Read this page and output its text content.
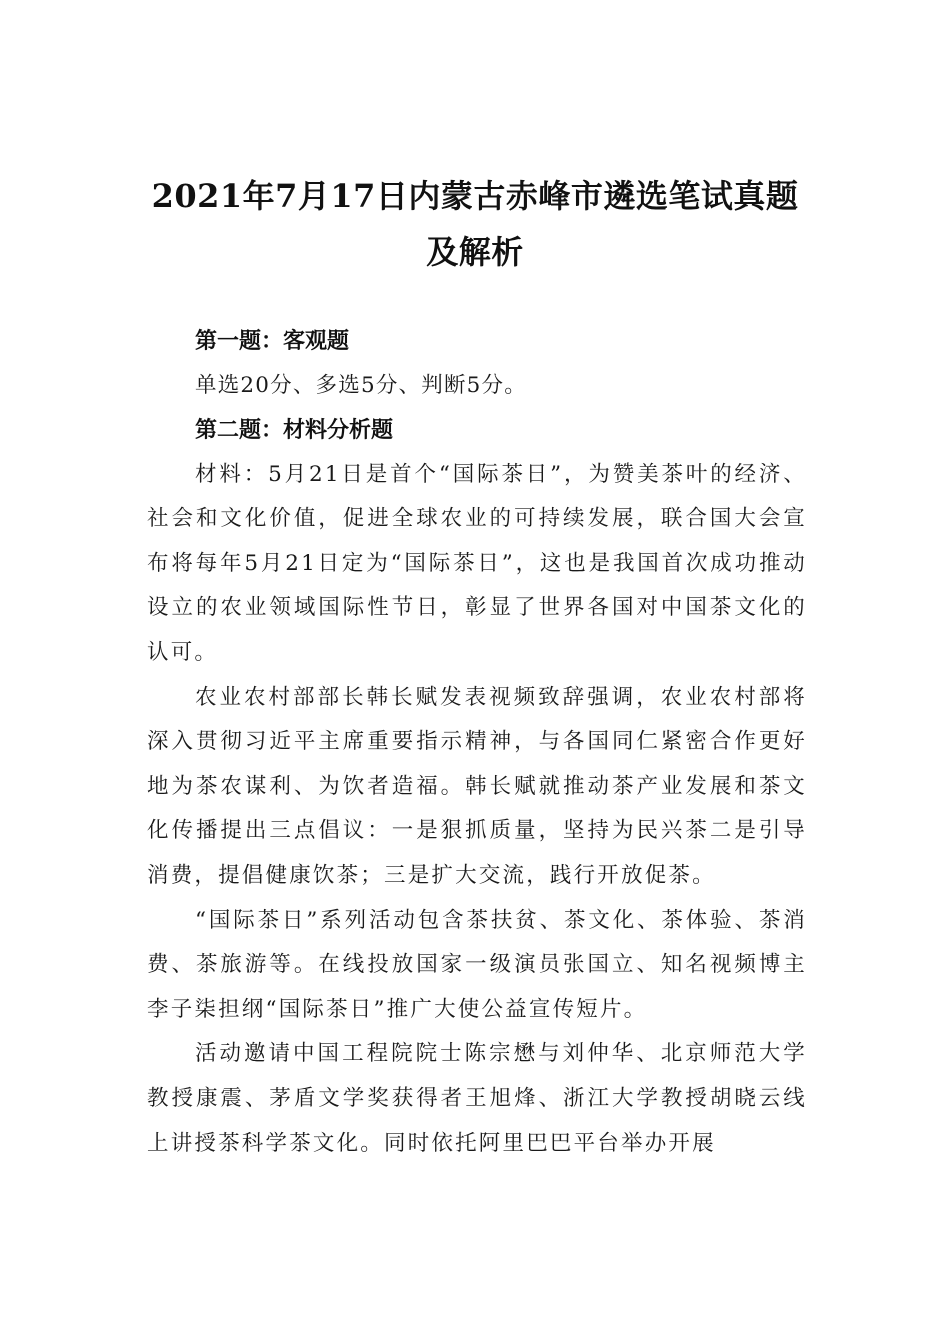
2021年7月17日内蒙古赤峰市遴选笔试真题及解析
第一题：客观题

单选20分、多选5分、判断5分。

第二题：材料分析题

材料：5月21日是首个“国际茶日”，为赞美茶叶的经济、社会和文化价值，促进全球农业的可持续发展，联合国大会宣布将每年5月21日定为“国际茶日”，这也是我国首次成功推动设立的农业领域国际性节日，彰显了世界各国对中国茶文化的认可。

农业农村部部长韩长赋发表视频致辞强调，农业农村部将深入贯彻习近平主席重要指示精神，与各国同仁紧密合作更好地为茶农谋利、为饮者造福。韩长赋就推动茶产业发展和茶文化传播提出三点倡议：一是狠抓质量，坚持为民兴茶二是引导消费，提倡健康饮茶；三是扩大交流，践行开放促茶。

“国际茶日”系列活动包含茶扶贫、茶文化、茶体验、茶消费、茶旅游等。在线投放国家一级演员张国立、知名视频博主李子柒担纲“国际茶日”推广大使公益宣传短片。

活动邀请中国工程院院士陈宗懋与刘仲华、北京师范大学教授康震、茅盾文学奖获得者王旭烽、浙江大学教授胡晓云线上讲授茶科学茶文化。同时依托阿里巴巴平台举办开展
